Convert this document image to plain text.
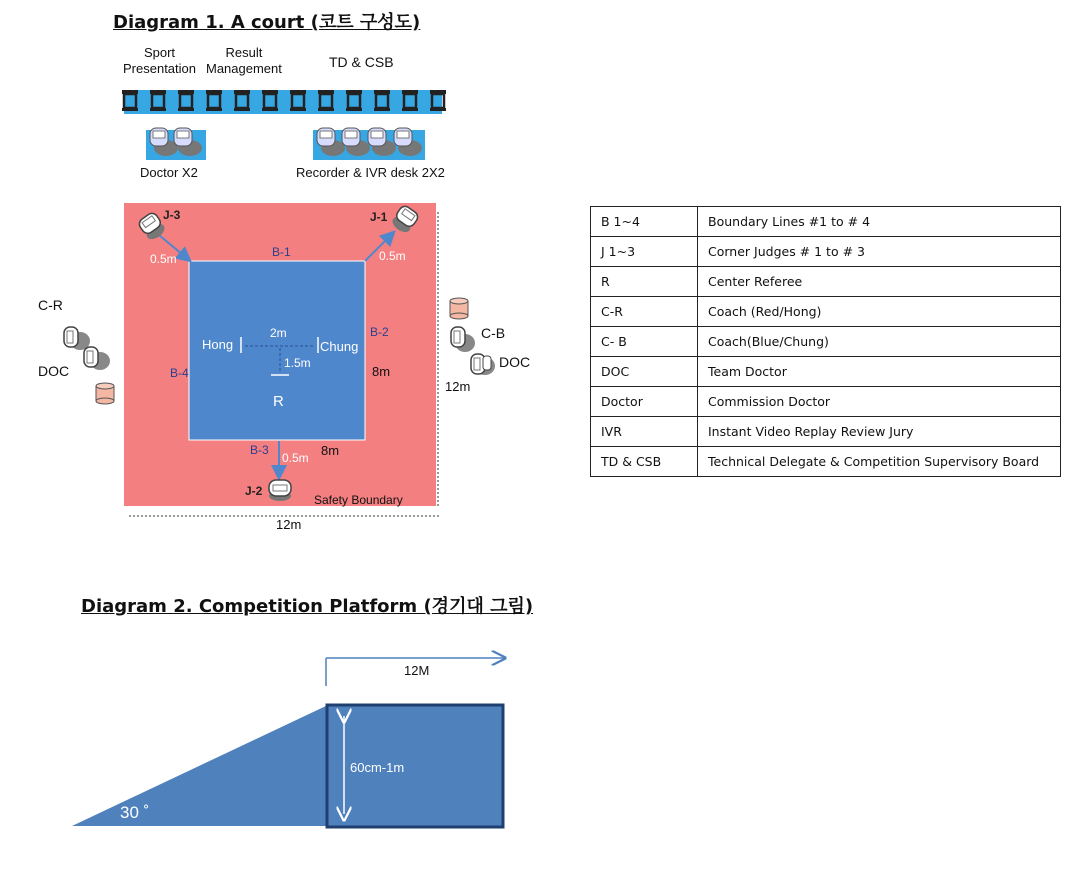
Diagram 1. A court (코트 구성도)
Sport
Presentation
Result
Management	TD & CSB
Doctor X2	Recorder & IVR desk 2X2
J-3	J-1
J-2
0.5m	0.5m
0.5m
B-1
B-2
B-3
B-4
Hong	Chung
2m
1.5m
R
8m
8m
12m
12m
Safety Boundary
C-R
DOC
C-B
DOC
B 1~4	Boundary Lines #1 to # 4
J 1~3	Corner Judges # 1 to # 3
R	Center Referee
C-R	Coach (Red/Hong)
C- B	Coach(Blue/Chung)
DOC	Team Doctor
Doctor	Commission Doctor
IVR	Instant Video Replay Review Jury
TD & CSB	Technical Delegate & Competition Supervisory Board
Diagram 2. Competition Platform (경기대 그림)
12M
60cm-1m
30 ˚
